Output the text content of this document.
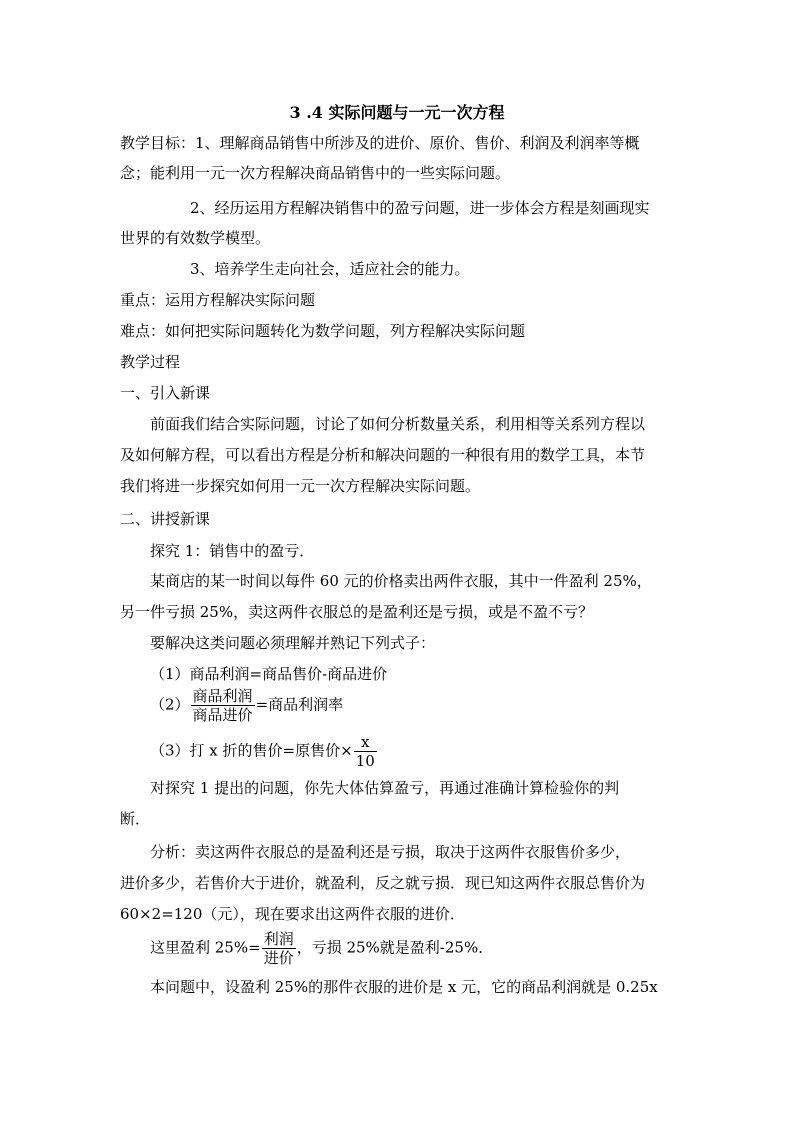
3 .4 实际问题与一元一次方程
教学目标：1、理解商品销售中所涉及的进价、原价、售价、利润及利润率等概
念；能利用一元一次方程解决商品销售中的一些实际问题。
2、经历运用方程解决销售中的盈亏问题，进一步体会方程是刻画现实
世界的有效数学模型。
3、培养学生走向社会，适应社会的能力。
重点：运用方程解决实际问题
难点：如何把实际问题转化为数学问题，列方程解决实际问题
教学过程
一、引入新课
前面我们结合实际问题，讨论了如何分析数量关系，利用相等关系列方程以
及如何解方程，可以看出方程是分析和解决问题的一种很有用的数学工具，本节
我们将进一步探究如何用一元一次方程解决实际问题。
二、讲授新课
探究 1：销售中的盈亏．
某商店的某一时间以每件 60 元的价格卖出两件衣服，其中一件盈利 25%，
另一件亏损 25%，卖这两件衣服总的是盈利还是亏损，或是不盈不亏？
要解决这类问题必须理解并熟记下列式子：
（1）商品利润=商品售价-商品进价
$(2) \frac{\text{商品利润}}{\text{商品进价}}$ =商品利润率
（3）打 x 折的售价=原售价× $\frac{x}{10}$
对探究 1 提出的问题，你先大体估算盈亏，再通过准确计算检验你的判
断．
分析：卖这两件衣服总的是盈利还是亏损，取决于这两件衣服售价多少，
进价多少，若售价大于进价，就盈利，反之就亏损．现已知这两件衣服总售价为
60×2=120（元），现在要求出这两件衣服的进价．
这里盈利 $25\%= \frac{\text{利润}}{\text{进价}}$ ，亏损 25%就是盈利-25%．
本问题中，设盈利 25%的那件衣服的进价是 x 元，它的商品利润就是 0.25x
